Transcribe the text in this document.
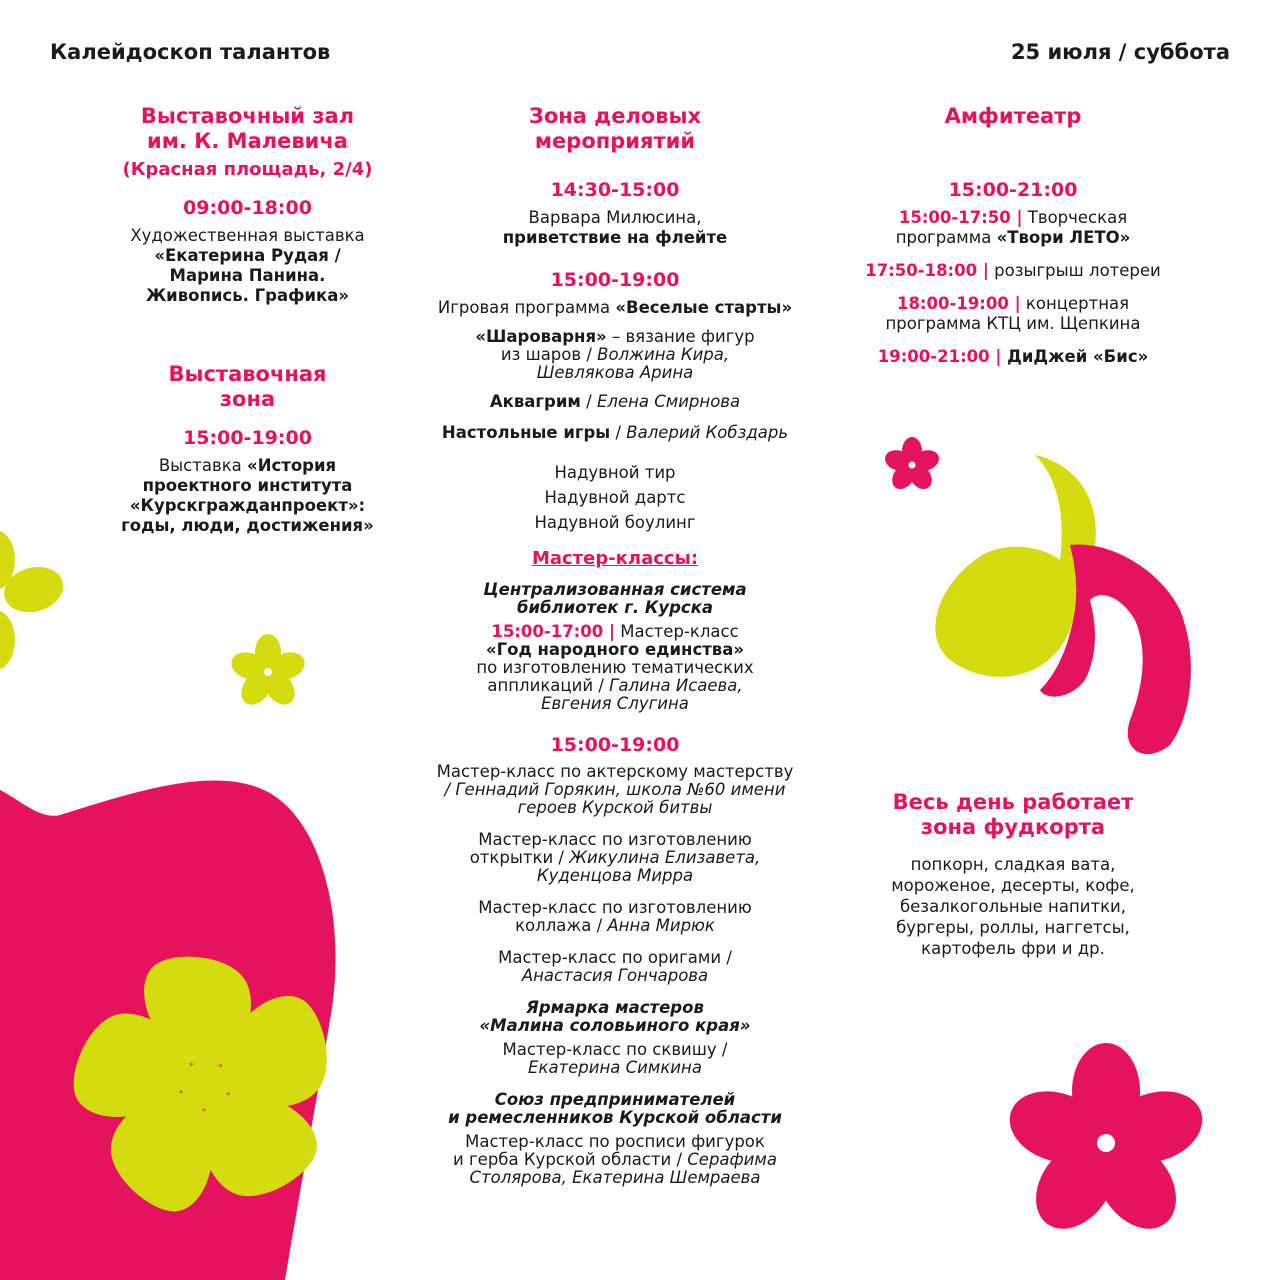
Калейдоскоп талантов	25 июля / суббота
Выставочный зал
им. К. Малевича
(Красная площадь, 2/4)
09:00-18:00
Художественная выставка
«Екатерина Рудая /
Марина Панина.
Живопись. Графика»
Выставочная
зона
15:00-19:00
Выставка «История
проектного института
«Курскгражданпроект»:
годы, люди, достижения»
Зона деловых
мероприятий
14:30-15:00
Варвара Милюсина,
приветствие на флейте
15:00-19:00
Игровая программа «Веселые старты»
«Шароварня» – вязание фигур
из шаров / Волжина Кира,
Шевлякова Арина
Аквагрим / Елена Смирнова
Настольные игры / Валерий Кобздарь
Надувной тир
Надувной дартс
Надувной боулинг
Мастер-классы:
Централизованная система
библиотек г. Курска
15:00-17:00 | Мастер-класс
«Год народного единства»
по изготовлению тематических
аппликаций / Галина Исаева,
Евгения Слугина
15:00-19:00
Мастер-класс по актерскому мастерству
/ Геннадий Горякин, школа №60 имени
героев Курской битвы
Мастер-класс по изготовлению
открытки / Жикулина Елизавета,
Куденцова Мирра
Мастер-класс по изготовлению
коллажа / Анна Мирюк
Мастер-класс по оригами /
Анастасия Гончарова
Ярмарка мастеров
«Малина соловьиного края»
Мастер-класс по сквишу /
Екатерина Симкина
Союз предпринимателей
и ремесленников Курской области
Мастер-класс по росписи фигурок
и герба Курской области / Серафима
Столярова, Екатерина Шемраева
Амфитеатр
15:00-21:00
15:00-17:50 | Творческая
программа «Твори ЛЕТО»
17:50-18:00 | розыгрыш лотереи
18:00-19:00 | концертная
программа КТЦ им. Щепкина
19:00-21:00 | ДиДжей «Бис»
Весь день работает
зона фудкорта
попкорн, сладкая вата,
мороженое, десерты, кофе,
безалкогольные напитки,
бургеры, роллы, наггетсы,
картофель фри и др.
